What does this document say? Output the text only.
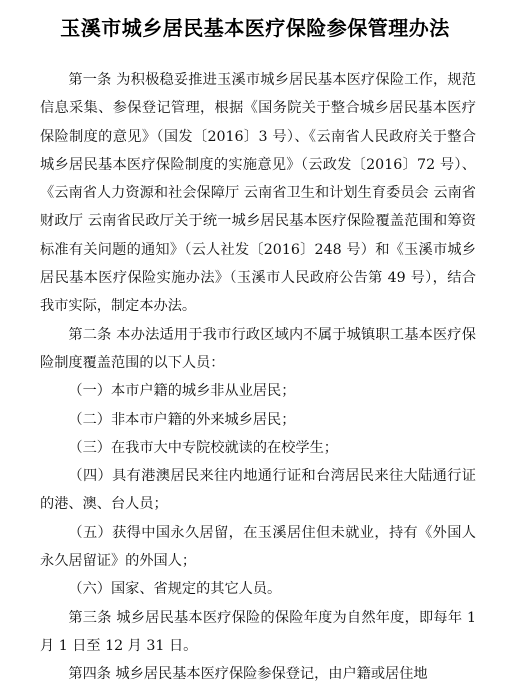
玉溪市城乡居民基本医疗保险参保管理办法

第一条 为积极稳妥推进玉溪市城乡居民基本医疗保险工作，规范信息采集、参保登记管理，根据《国务院关于整合城乡居民基本医疗保险制度的意见》（国发〔2016〕3 号）、《云南省人民政府关于整合城乡居民基本医疗保险制度的实施意见》（云政发〔2016〕72 号）、《云南省人力资源和社会保障厅 云南省卫生和计划生育委员会 云南省财政厅 云南省民政厅关于统一城乡居民基本医疗保险覆盖范围和筹资标准有关问题的通知》（云人社发〔2016〕248 号）和《玉溪市城乡居民基本医疗保险实施办法》（玉溪市人民政府公告第 49 号），结合我市实际，制定本办法。

第二条 本办法适用于我市行政区域内不属于城镇职工基本医疗保险制度覆盖范围的以下人员：

（一）本市户籍的城乡非从业居民；

（二）非本市户籍的外来城乡居民；

（三）在我市大中专院校就读的在校学生；

（四）具有港澳居民来往内地通行证和台湾居民来往大陆通行证的港、澳、台人员；

（五）获得中国永久居留，在玉溪居住但未就业，持有《外国人永久居留证》的外国人；

（六）国家、省规定的其它人员。

第三条 城乡居民基本医疗保险的保险年度为自然年度，即每年 1 月 1 日至 12 月 31 日。

第四条 城乡居民基本医疗保险参保登记，由户籍或居住地
